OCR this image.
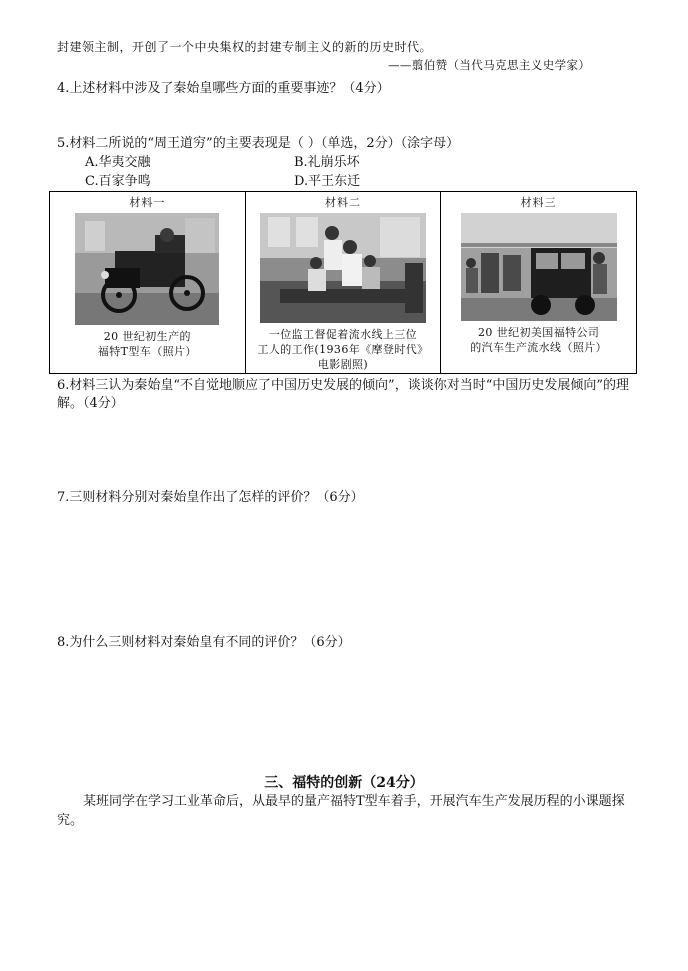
封建领主制，开创了一个中央集权的封建专制主义的新的历史时代。
——翦伯赞（当代马克思主义史学家）
4.上述材料中涉及了秦始皇哪些方面的重要事迹？（4分）
5.材料二所说的“周王道穷”的主要表现是（ ）（单选，2分）（涂字母）
A.华夷交融	B.礼崩乐坏
C.百家争鸣	D.平王东迁
材料一
20 世纪初生产的
福特T型车（照片）

材料二
一位监工督促着流水线上三位
工人的工作(1936年《摩登时代》
电影剧照)

材料三
20 世纪初美国福特公司
的汽车生产流水线（照片）
6.材料三认为秦始皇“不自觉地顺应了中国历史发展的倾向”，谈谈你对当时“中国历史发展倾向”的理解。（4分）
7.三则材料分别对秦始皇作出了怎样的评价？（6分）
8.为什么三则材料对秦始皇有不同的评价？（6分）
三、福特的创新（24分）
某班同学在学习工业革命后，从最早的量产福特T型车着手，开展汽车生产发展历程的小课题探究。
